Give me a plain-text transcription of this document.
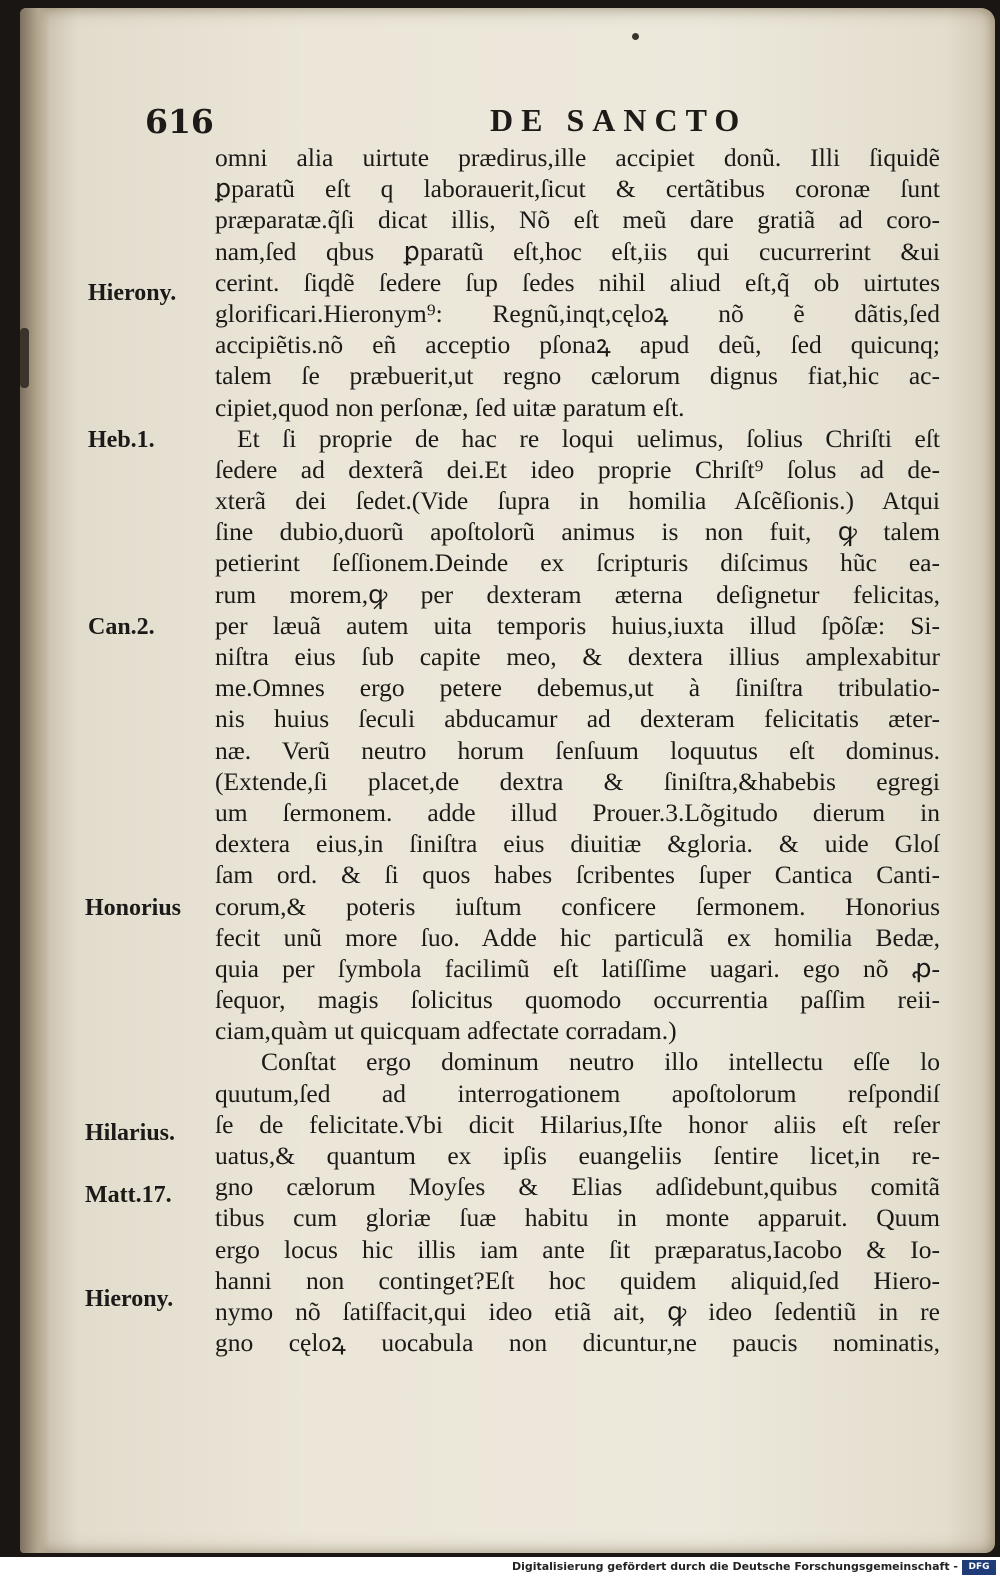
616	DE SANCTO
omni alia uirtute prædirus,ille accipiet donũ. Illi ſiquidẽ
ꝑparatũ eſt q laborauerit,ſicut & certãtibus coronæ ſunt
præparatæ.q̃ſi dicat illis, Nõ eſt meũ dare gratiã ad coro-
nam,ſed qbus ꝑparatũ eſt,hoc eſt,iis qui cucurrerint &ui
cerint. ſiqdẽ ſedere ſup ſedes nihil aliud eſt,q̃ ob uirtutes
glorificari.Hieronym⁹: Regnũ,inqt,cęloꝝ nõ ẽ dãtis,ſed
accipiẽtis.nõ eñ acceptio pſonaꝝ apud deũ, ſed quicunq;
talem ſe præbuerit,ut regno cælorum dignus fiat,hic ac-
cipiet,quod non perſonæ, ſed uitæ paratum eſt.
Et ſi proprie de hac re loqui uelimus, ſolius Chriſti eſt
ſedere ad dexterã dei.Et ideo proprie Chriſt⁹ ſolus ad de-
xterã dei ſedet.(Vide ſupra in homilia Aſcẽſionis.) Atqui
ſine dubio,duorũ apoſtolorũ animus is non fuit, ꝙ talem
petierint ſeſſionem.Deinde ex ſcripturis diſcimus hũc ea-
rum morem,ꝙ per dexteram æterna deſignetur felicitas,
per læuã autem uita temporis huius,iuxta illud ſpõſæ: Si-
niſtra eius ſub capite meo, & dextera illius amplexabitur
me.Omnes ergo petere debemus,ut à ſiniſtra tribulatio-
nis huius ſeculi abducamur ad dexteram felicitatis æter-
næ. Verũ neutro horum ſenſuum loquutus eſt dominus.
(Extende,ſi placet,de dextra & ſiniſtra,&habebis egregi
um ſermonem. adde illud Prouer.3.Lõgitudo dierum in
dextera eius,in ſiniſtra eius diuitiæ &gloria. & uide Gloſ
ſam ord. & ſi quos habes ſcribentes ſuper Cantica Canti-
corum,& poteris iuſtum conficere ſermonem. Honorius
fecit unũ more ſuo. Adde hic particulã ex homilia Bedæ,
quia per ſymbola facilimũ eſt latiſſime uagari. ego nõ ꝓ-
ſequor, magis ſolicitus quomodo occurrentia paſſim reii-
ciam,quàm ut quicquam adfectate corradam.)
Conſtat ergo dominum neutro illo intellectu eſſe lo
quutum,ſed ad interrogationem apoſtolorum reſpondiſ
ſe de felicitate.Vbi dicit Hilarius,Iſte honor aliis eſt reſer
uatus,& quantum ex ipſis euangeliis ſentire licet,in re-
gno cælorum Moyſes & Elias adſidebunt,quibus comitã
tibus cum gloriæ ſuæ habitu in monte apparuit. Quum
ergo locus hic illis iam ante ſit præparatus,Iacobo & Io-
hanni non continget?Eſt hoc quidem aliquid,ſed Hiero-
nymo nõ ſatiſfacit,qui ideo etiã ait, ꝙ ideo ſedentiũ in re
gno cęloꝝ uocabula non dicuntur,ne paucis nominatis,
Hierony.
Heb.1.
Can.2.
Honorius
Hilarius.
Matt.17.
Hierony.
Digitalisierung gefördert durch die Deutsche Forschungsgemeinschaft -	DFG
